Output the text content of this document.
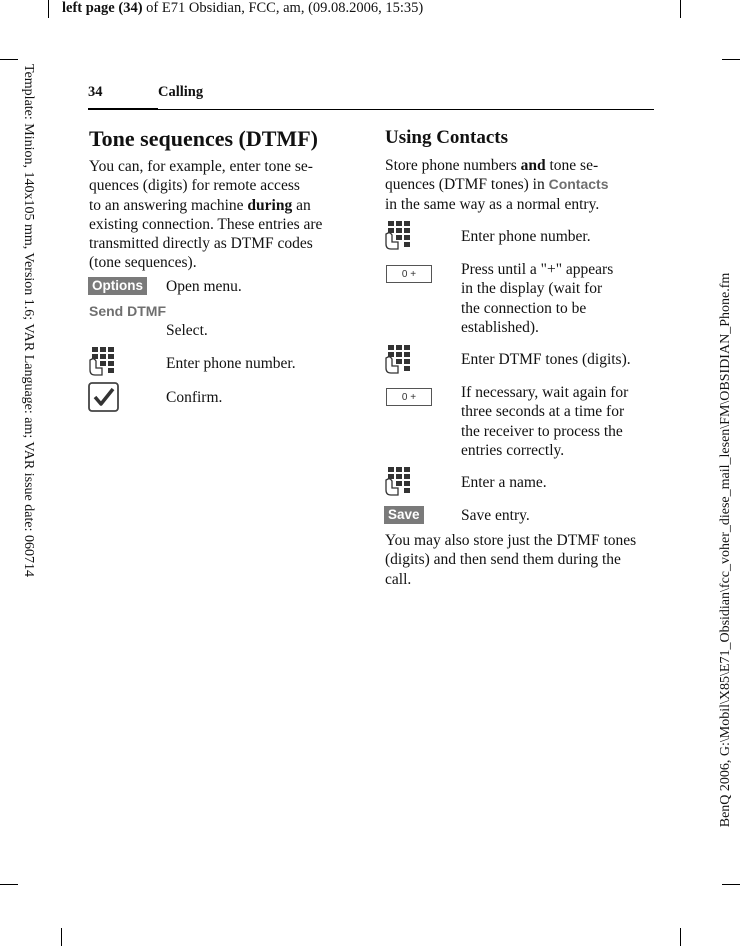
left page (34) of E71 Obsidian, FCC, am, (09.08.2006, 15:35)
Template: Minion, 140x105 mm, Version 1.6; VAR Language: am; VAR issue date: 060714	BenQ 2006, G:\Mobil\X85\E71_Obsidian\fcc_voher_diese_mail_lesen\FM\OBSIDIAN_Phone.fm
34	Calling
Tone sequences (DTMF)
You can, for example, enter tone se-
quences (digits) for remote access
to an answering machine during an
existing connection. These entries are
transmitted directly as DTMF codes
(tone sequences).
Options Open menu.
Send DTMF
Select.
Enter phone number.
Confirm.
Using Contacts
Store phone numbers and tone se-
quences (DTMF tones) in Contacts
in the same way as a normal entry.
Enter phone number.
0 +	Press until a "+" appears
in the display (wait for
the connection to be
established).
Enter DTMF tones (digits).
0 +	If necessary, wait again for
three seconds at a time for
the receiver to process the
entries correctly.
Enter a name.
Save	Save entry.
You may also store just the DTMF tones
(digits) and then send them during the
call.
